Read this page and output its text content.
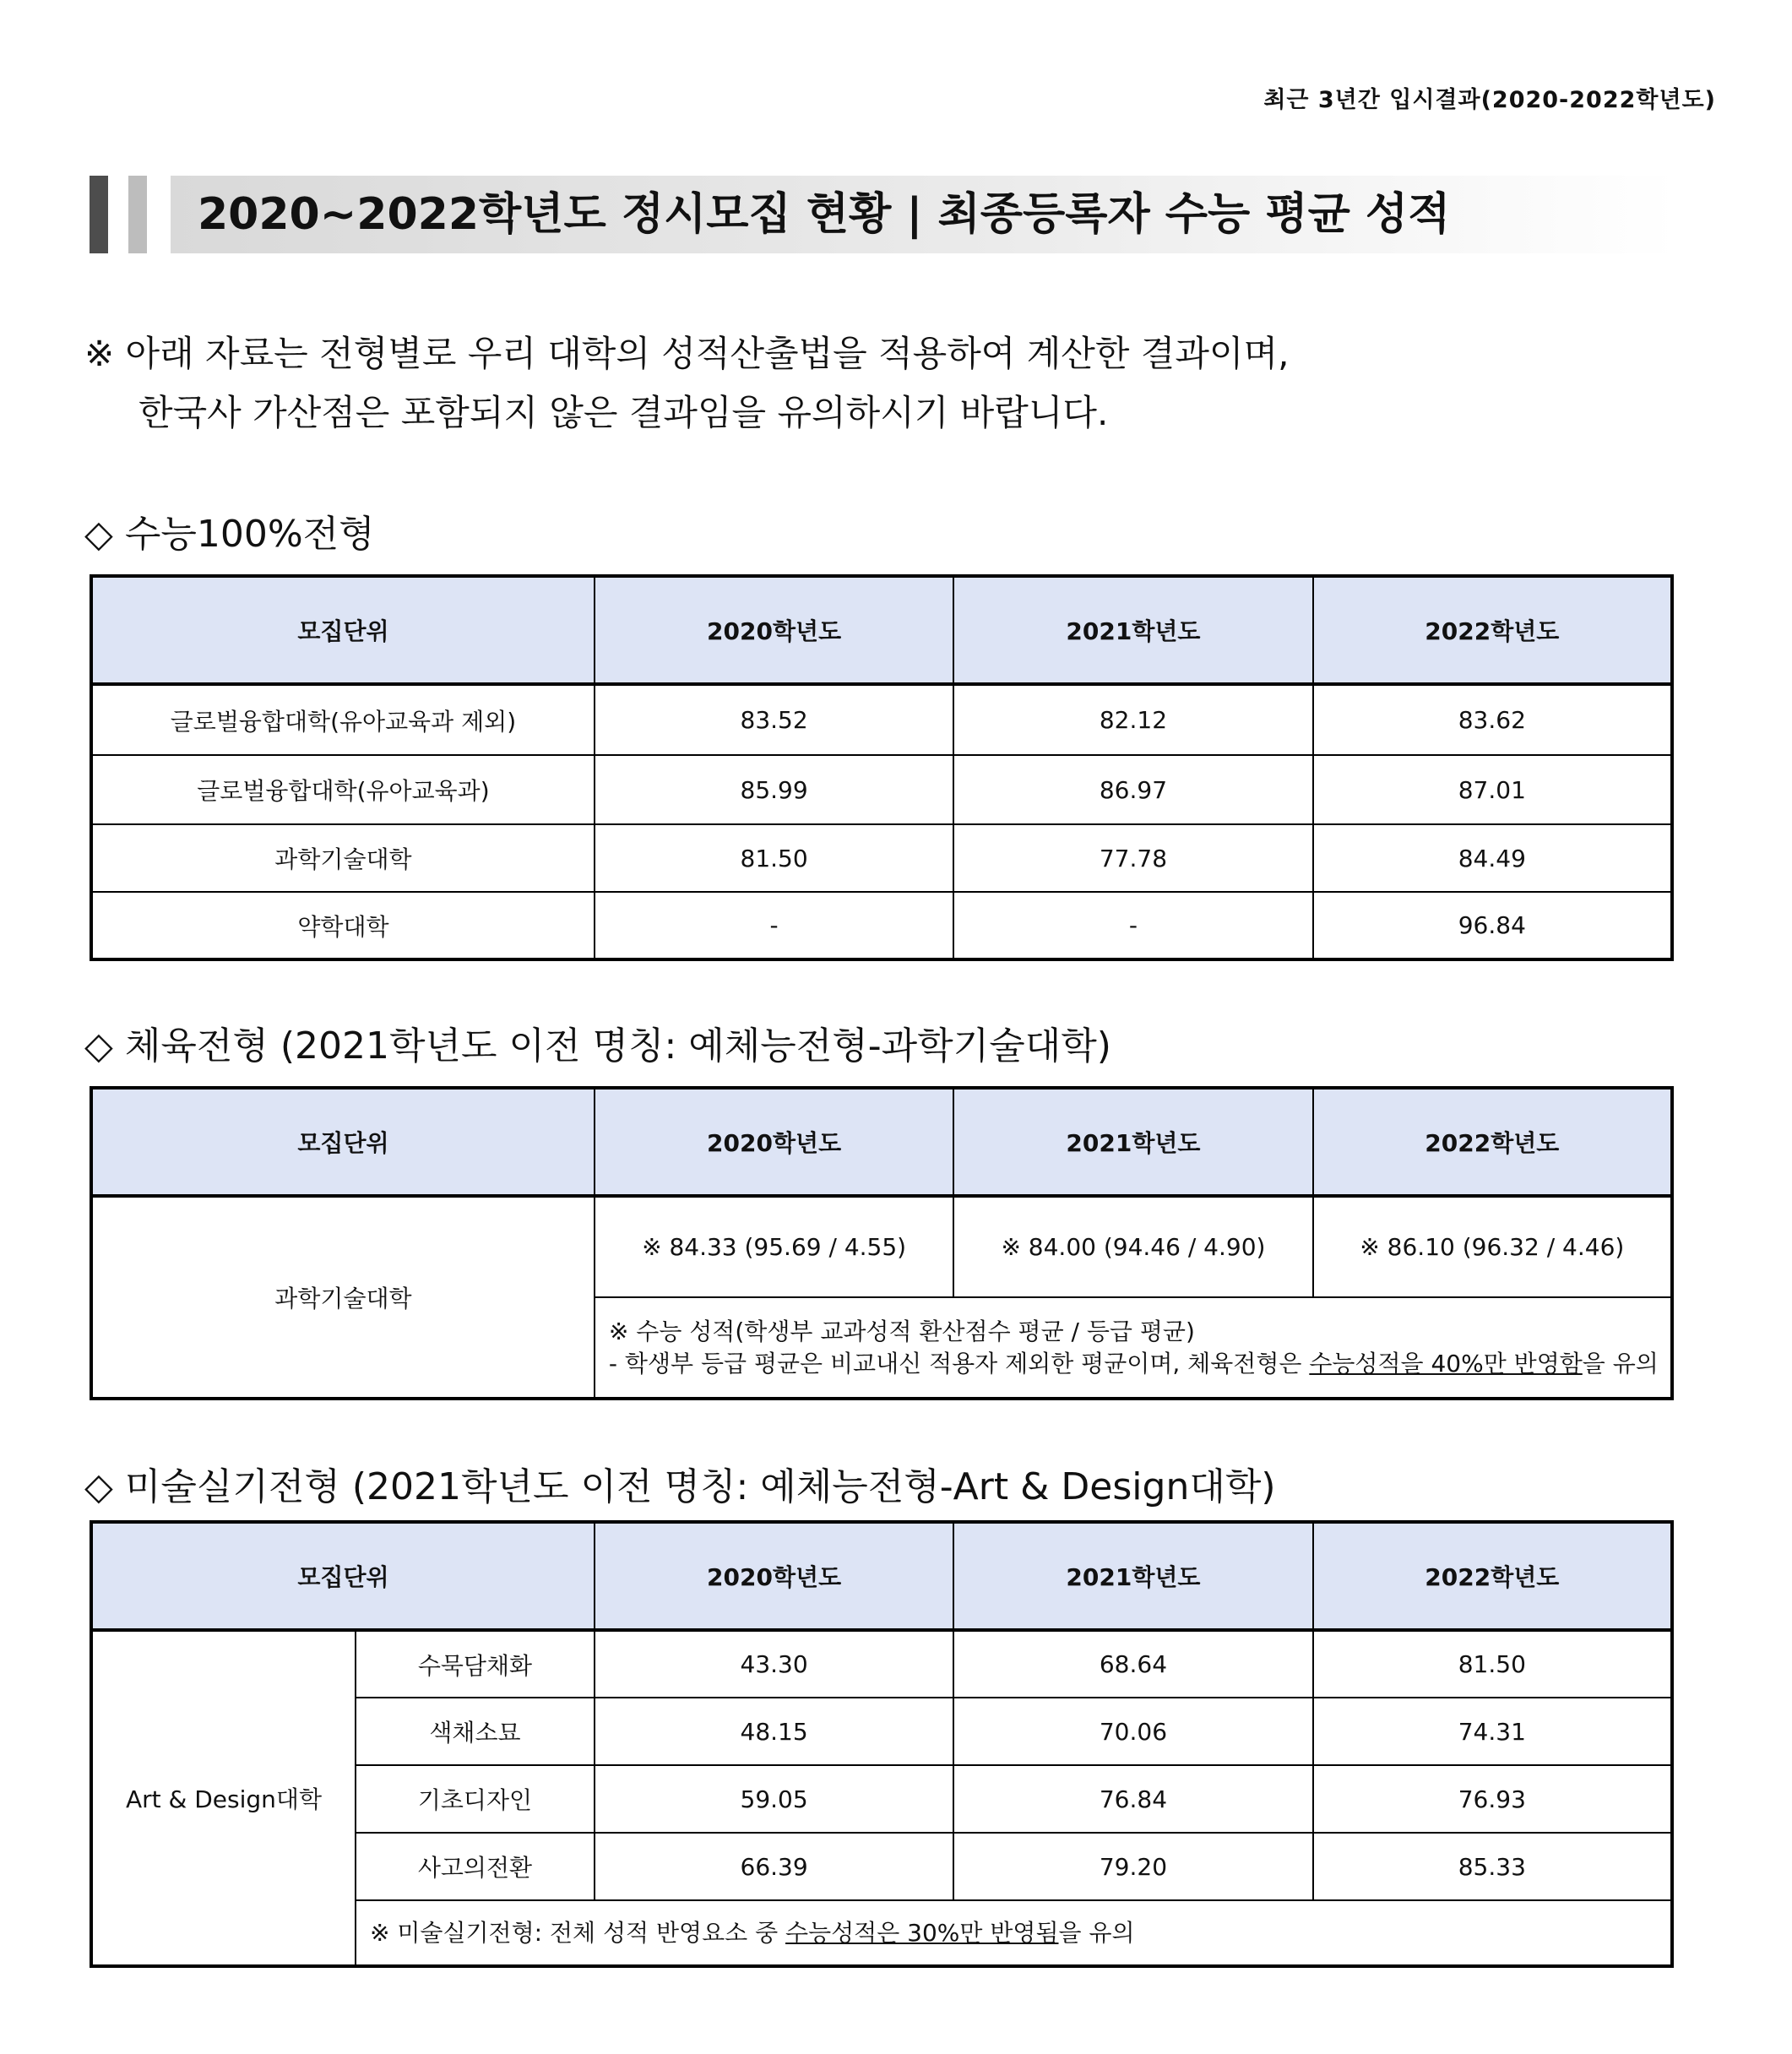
최근 3년간 입시결과(2020-2022학년도)
2020~2022학년도 정시모집 현황 | 최종등록자 수능 평균 성적
※ 아래 자료는 전형별로 우리 대학의 성적산출법을 적용하여 계산한 결과이며,
한국사 가산점은 포함되지 않은 결과임을 유의하시기 바랍니다.
◇ 수능100%전형
모집단위	2020학년도	2021학년도	2022학년도
글로벌융합대학(유아교육과 제외)	83.52	82.12	83.62
글로벌융합대학(유아교육과)	85.99	86.97	87.01
과학기술대학	81.50	77.78	84.49
약학대학	-	-	96.84
◇ 체육전형 (2021학년도 이전 명칭: 예체능전형-과학기술대학)
모집단위	2020학년도	2021학년도	2022학년도
과학기술대학	※ 84.33 (95.69 / 4.55)	※ 84.00 (94.46 / 4.90)	※ 86.10 (96.32 / 4.46)

	※ 수능 성적(학생부 교과성적 환산점수 평균 / 등급 평균)
- 학생부 등급 평균은 비교내신 적용자 제외한 평균이며, 체육전형은 수능성적을 40%만 반영함을 유의		
◇ 미술실기전형 (2021학년도 이전 명칭: 예체능전형-Art & Design대학)
모집단위		2020학년도	2021학년도	2022학년도
Art & Design대학	수묵담채화	43.30	68.64	81.50
	색채소묘	48.15	70.06	74.31
	기초디자인	59.05	76.84	76.93
	사고의전환	66.39	79.20	85.33
	※ 미술실기전형: 전체 성적 반영요소 중 수능성적은 30%만 반영됨을 유의			
